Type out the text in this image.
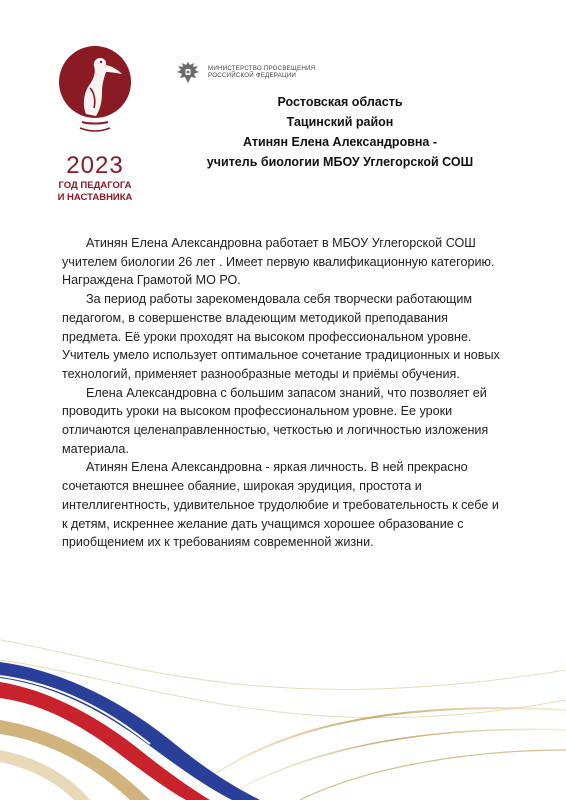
2023
ГОД ПЕДАГОГА
И НАСТАВНИКА
МИНИСТЕРСТВО ПРОСВЕЩЕНИЯ
РОССИЙСКОЙ ФЕДЕРАЦИИ
Ростовская область
Тацинский район
Атинян Елена Александровна -
учитель биологии МБОУ Углегорской СОШ

Атинян Елена Александровна работает в МБОУ Углегорской СОШ учителем биологии 26 лет . Имеет первую квалификационную категорию. Награждена Грамотой МО РО.

За период работы зарекомендовала себя творчески работающим педагогом, в совершенстве владеющим методикой преподавания предмета. Её уроки проходят на высоком профессиональном уровне. Учитель умело использует оптимальное сочетание традиционных и новых технологий, применяет разнообразные методы и приёмы обучения.

Елена Александровна с большим запасом знаний, что позволяет ей проводить уроки на высоком профессиональном уровне. Ее уроки отличаются целенаправленностью, четкостью и логичностью изложения материала.

Атинян Елена Александровна - яркая личность. В ней прекрасно сочетаются внешнее обаяние, широкая эрудиция, простота и интеллигентность, удивительное трудолюбие и требовательность к себе и к детям, искреннее желание дать учащимся хорошее образование с приобщением их к требованиям современной жизни.
